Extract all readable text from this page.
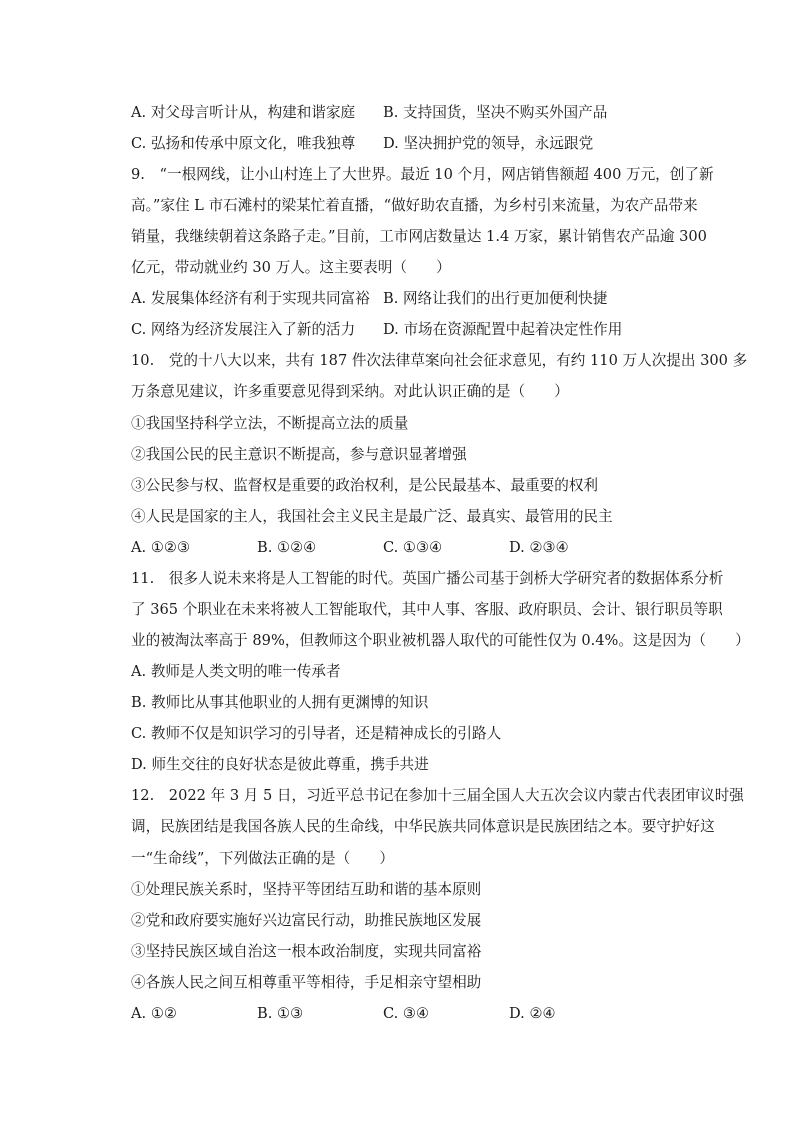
A. 对父母言听计从，构建和谐家庭 B. 支持国货，坚决不购买外国产品
C. 弘扬和传承中原文化，唯我独尊 D. 坚决拥护党的领导，永远跟党
9.　“一根网线，让小山村连上了大世界。最近 10 个月，网店销售额超 400 万元，创了新
高。”家住 L 市石滩村的梁某忙着直播，“做好助农直播，为乡村引来流量，为农产品带来
销量，我继续朝着这条路子走。”目前，工市网店数量达 1.4 万家，累计销售农产品逾 300
亿元，带动就业约 30 万人。这主要表明（　　）
A. 发展集体经济有利于实现共同富裕 B. 网络让我们的出行更加便利快捷
C. 网络为经济发展注入了新的活力 D. 市场在资源配置中起着决定性作用
10.　党的十八大以来，共有 187 件次法律草案向社会征求意见，有约 110 万人次提出 300 多
万条意见建议，许多重要意见得到采纳。对此认识正确的是（　　）
①我国坚持科学立法，不断提高立法的质量
②我国公民的民主意识不断提高，参与意识显著增强
③公民参与权、监督权是重要的政治权利，是公民最基本、最重要的权利
④人民是国家的主人，我国社会主义民主是最广泛、最真实、最管用的民主
A. ①②③	B. ①②④	C. ①③④	D. ②③④
11.　很多人说未来将是人工智能的时代。英国广播公司基于剑桥大学研究者的数据体系分析
了 365 个职业在未来将被人工智能取代，其中人事、客服、政府职员、会计、银行职员等职
业的被淘汰率高于 89%，但教师这个职业被机器人取代的可能性仅为 0.4%。这是因为（　　）
A. 教师是人类文明的唯一传承者
B. 教师比从事其他职业的人拥有更渊博的知识
C. 教师不仅是知识学习的引导者，还是精神成长的引路人
D. 师生交往的良好状态是彼此尊重，携手共进
12.　2022 年 3 月 5 日，习近平总书记在参加十三届全国人大五次会议内蒙古代表团审议时强
调，民族团结是我国各族人民的生命线，中华民族共同体意识是民族团结之本。要守护好这
一“生命线”，下列做法正确的是（　　）
①处理民族关系时，坚持平等团结互助和谐的基本原则
②党和政府要实施好兴边富民行动，助推民族地区发展
③坚持民族区域自治这一根本政治制度，实现共同富裕
④各族人民之间互相尊重平等相待，手足相亲守望相助
A. ①②	B. ①③	C. ③④	D. ②④
